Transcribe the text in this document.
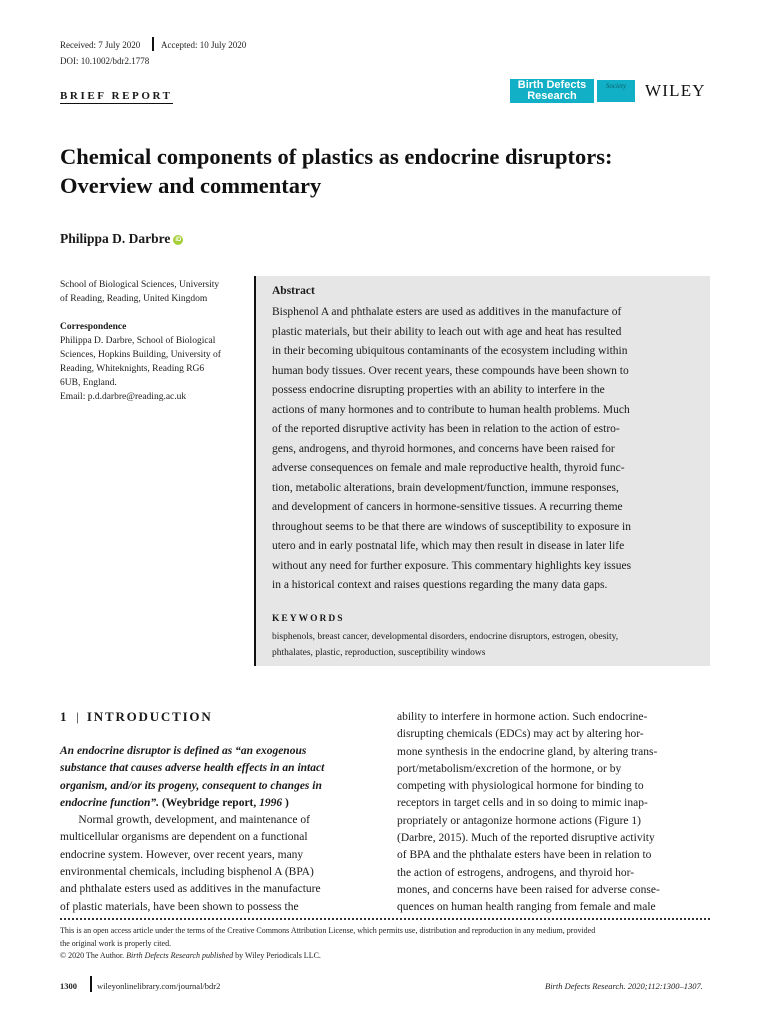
Received: 7 July 2020 Accepted: 10 July 2020
DOI: 10.1002/bdr2.1778
BRIEF REPORT
Birth Defects Research
Society	WILEY
Chemical components of plastics as endocrine disruptors:
Overview and commentary
Philippa D. Darbre iD
School of Biological Sciences, University
of Reading, Reading, United Kingdom
Correspondence
Philippa D. Darbre, School of Biological
Sciences, Hopkins Building, University of
Reading, Whiteknights, Reading RG6
6UB, England.
Email: p.d.darbre@reading.ac.uk
Abstract
Bisphenol A and phthalate esters are used as additives in the manufacture of
plastic materials, but their ability to leach out with age and heat has resulted
in their becoming ubiquitous contaminants of the ecosystem including within
human body tissues. Over recent years, these compounds have been shown to
possess endocrine disrupting properties with an ability to interfere in the
actions of many hormones and to contribute to human health problems. Much
of the reported disruptive activity has been in relation to the action of estro-
gens, androgens, and thyroid hormones, and concerns have been raised for
adverse consequences on female and male reproductive health, thyroid func-
tion, metabolic alterations, brain development/function, immune responses,
and development of cancers in hormone-sensitive tissues. A recurring theme
throughout seems to be that there are windows of susceptibility to exposure in
utero and in early postnatal life, which may then result in disease in later life
without any need for further exposure. This commentary highlights key issues
in a historical context and raises questions regarding the many data gaps.
KEYWORDS
bisphenols, breast cancer, developmental disorders, endocrine disruptors, estrogen, obesity,
phthalates, plastic, reproduction, susceptibility windows
1 | INTRODUCTION
An endocrine disruptor is defined as “an exogenous
substance that causes adverse health effects in an intact
organism, and/or its progeny, consequent to changes in
endocrine function”. (Weybridge report, 1996 )
Normal growth, development, and maintenance of
multicellular organisms are dependent on a functional
endocrine system. However, over recent years, many
environmental chemicals, including bisphenol A (BPA)
and phthalate esters used as additives in the manufacture
of plastic materials, have been shown to possess the
ability to interfere in hormone action. Such endocrine-
disrupting chemicals (EDCs) may act by altering hor-
mone synthesis in the endocrine gland, by altering trans-
port/metabolism/excretion of the hormone, or by
competing with physiological hormone for binding to
receptors in target cells and in so doing to mimic inap-
propriately or antagonize hormone actions (Figure 1)
(Darbre, 2015). Much of the reported disruptive activity
of BPA and the phthalate esters have been in relation to
the action of estrogens, androgens, and thyroid hor-
mones, and concerns have been raised for adverse conse-
quences on human health ranging from female and male
This is an open access article under the terms of the Creative Commons Attribution License, which permits use, distribution and reproduction in any medium, provided
the original work is properly cited.
© 2020 The Author. Birth Defects Research published by Wiley Periodicals LLC.
1300 wileyonlinelibrary.com/journal/bdr2	Birth Defects Research. 2020;112:1300–1307.
